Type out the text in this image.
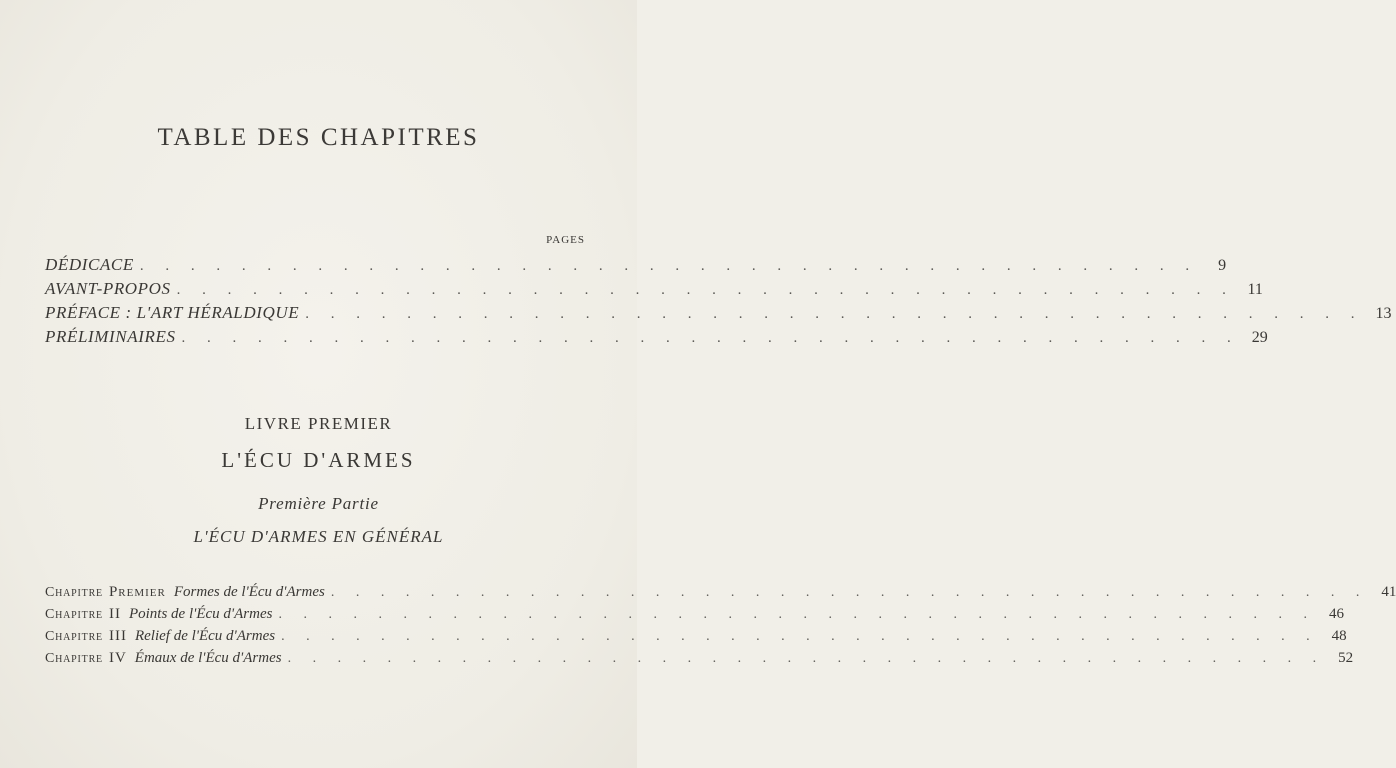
TABLE DES CHAPITRES
PAGES
DÉDICACE . . . . . . . . . . . . . . . . . . . . . . . . . . . . . . . . . . . . . . . . . .	9
AVANT-PROPOS . . . . . . . . . . . . . . . . . . . . . . . . . . . . . . . . . . . . . . . . . . 11
PRÉFACE : L'ART HÉRALDIQUE . . . . . . . . . . . . . . . . . . . . . . . . . . . . . . . . . . . . . . . . . . 13
PRÉLIMINAIRES . . . . . . . . . . . . . . . . . . . . . . . . . . . . . . . . . . . . . . . . . . 29
LIVRE PREMIER
L'ÉCU D'ARMES
Première Partie
L'ÉCU D'ARMES EN GÉNÉRAL
Chapitre Premier Formes de l'Écu d'Armes . . . . . . . . . . . . . . . . . . . . . . . . . . . . . . . . . . . . . . . . . . 41
Chapitre II Points de l'Écu d'Armes . . . . . . . . . . . . . . . . . . . . . . . . . . . . . . . . . . . . . . . . . . 46
Chapitre III Relief de l'Écu d'Armes . . . . . . . . . . . . . . . . . . . . . . . . . . . . . . . . . . . . . . . . . . 48
Chapitre IV Émaux de l'Écu d'Armes . . . . . . . . . . . . . . . . . . . . . . . . . . . . . . . . . . . . . . . . . . 52
